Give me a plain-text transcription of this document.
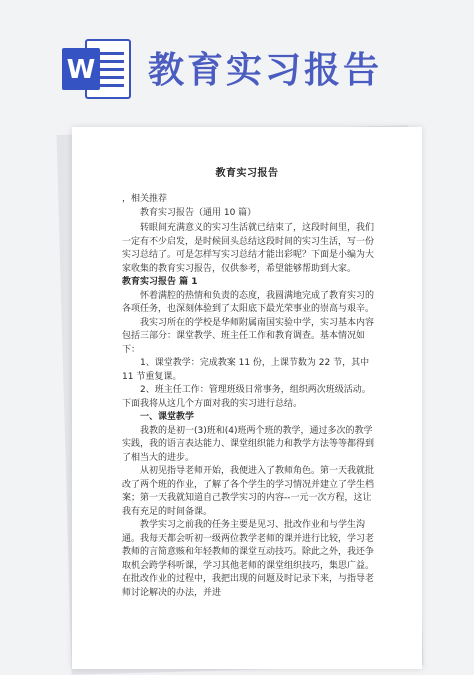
W 教育实习报告
教育实习报告

，相关推荐

教育实习报告（通用 10 篇）

转眼间充满意义的实习生活就已结束了，这段时间里，我们一定有不少启发，是时候回头总结这段时间的实习生活，写一份实习总结了。可是怎样写实习总结才能出彩呢？下面是小编为大家收集的教育实习报告，仅供参考，希望能够帮助到大家。

教育实习报告 篇 1

怀着满腔的热情和负责的态度，我圆满地完成了教育实习的各项任务，也深刻体验到了太阳底下最光荣事业的崇高与艰辛。

我实习所在的学校是华师附属南国实验中学，实习基本内容包括三部分：课堂教学、班主任工作和教育调查。基本情况如下：

1、课堂教学：完成教案 11 份，上课节数为 22 节，其中 11 节重复课。

2、班主任工作：管理班级日常事务，组织两次班级活动。下面我将从这几个方面对我的实习进行总结。

一、课堂教学

我教的是初一(3)班和(4)班两个班的教学，通过多次的教学实践，我的语言表达能力、课堂组织能力和教学方法等等都得到了相当大的进步。

从初见指导老师开始，我便进入了教师角色。第一天我就批改了两个班的作业，了解了各个学生的学习情况并建立了学生档案；第一天我就知道自己教学实习的内容--一元一次方程，这让我有充足的时间备课。

教学实习之前我的任务主要是见习、批改作业和与学生沟通。我每天都会听初一级两位教学老师的课并进行比较，学习老教师的言简意赅和年轻教师的课堂互动技巧。除此之外，我还争取机会跨学科听课，学习其他老师的课堂组织技巧，集思广益。在批改作业的过程中，我把出现的问题及时记录下来，与指导老师讨论解决的办法，并进
